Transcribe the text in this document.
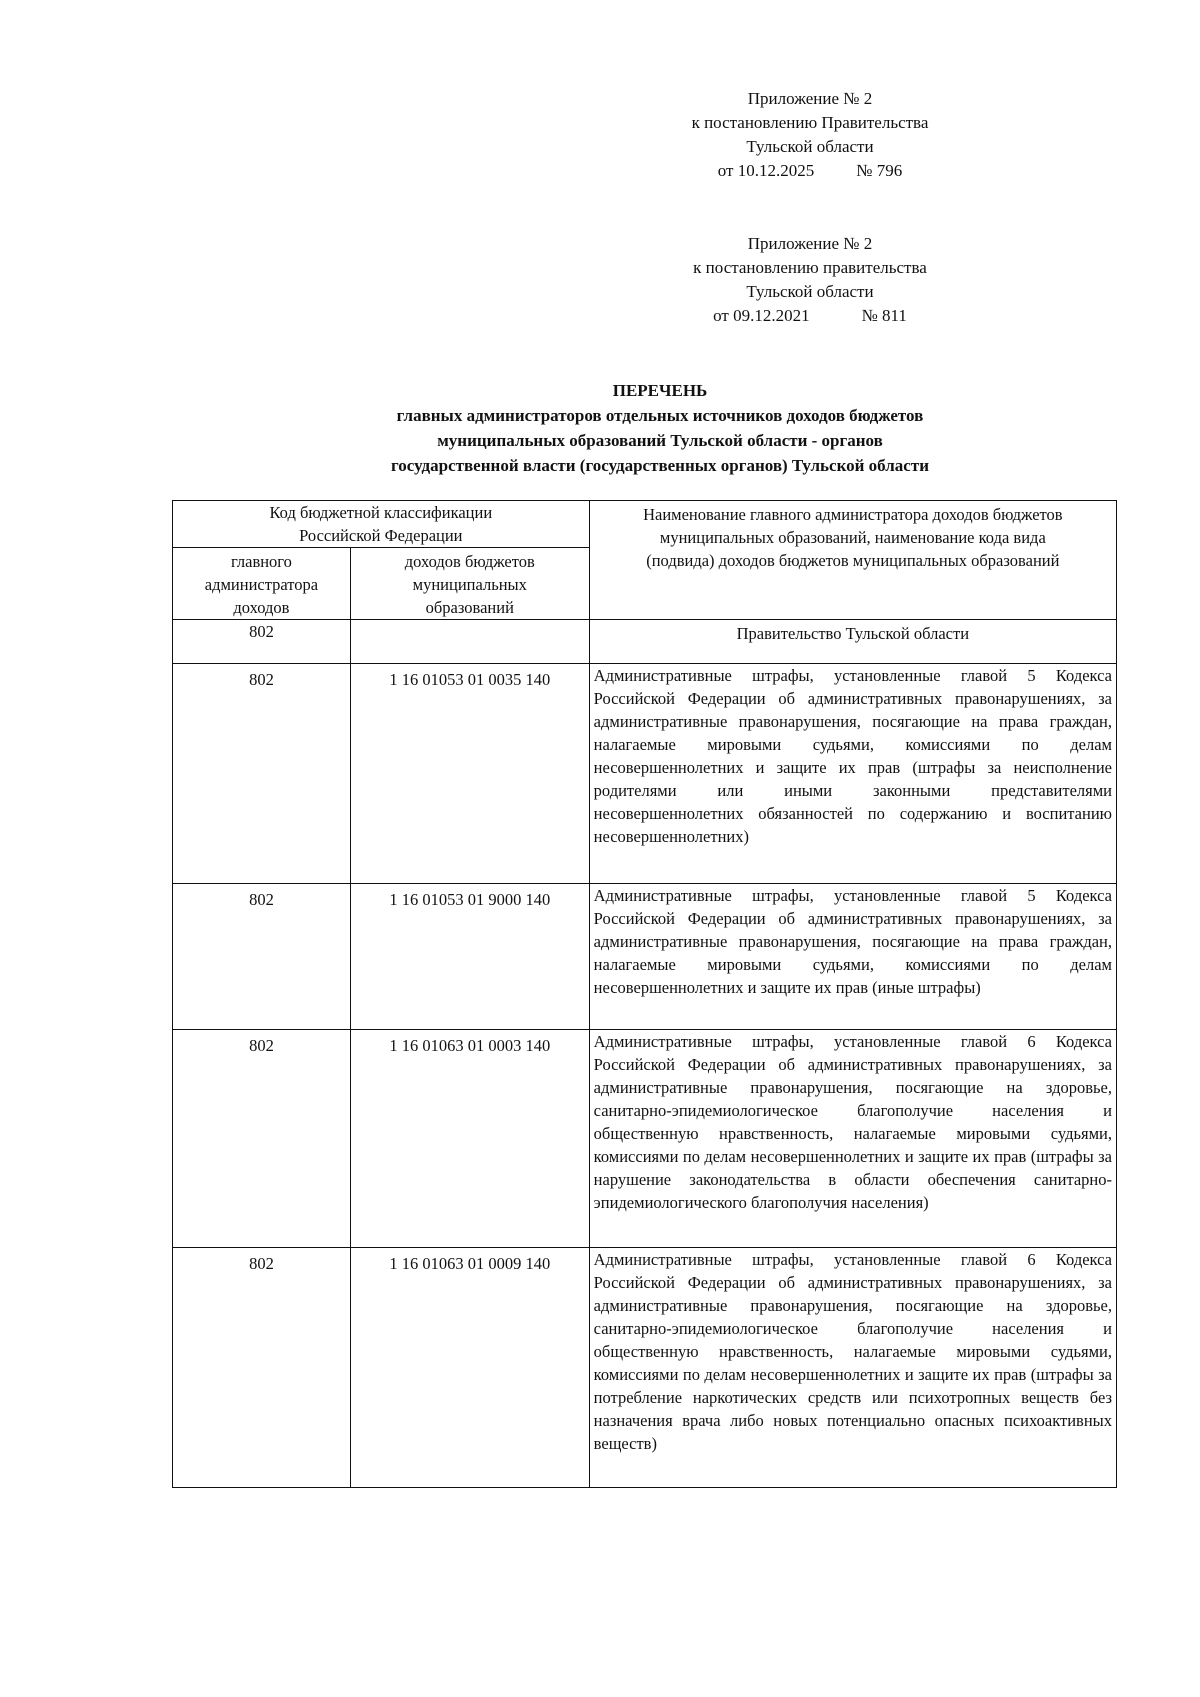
Приложение № 2
к постановлению Правительства
Тульской области
от 10.12.2025 № 796
Приложение № 2
к постановлению правительства
Тульской области
от 09.12.2021	№ 811
ПЕРЕЧЕНЬ
главных администраторов отдельных источников доходов бюджетов
муниципальных образований Тульской области - органов
государственной власти (государственных органов) Тульской области
Код бюджетной классификации
Российской Федерации		Наименование главного администратора доходов бюджетов
муниципальных образований, наименование кода вида
(подвида) доходов бюджетов муниципальных образований

главного
администратора
доходов	доходов бюджетов
муниципальных
образований	

802		Правительство Тульской области
802	1 16 01053 01 0035 140	Административные штрафы, установленные главой 5 Кодекса Российской Федерации об административных правонарушениях, за административные правонарушения, посягающие на права граждан, налагаемые мировыми судьями, комиссиями по делам несовершеннолетних и защите их прав (штрафы за неисполнение родителями или иными законными представителями несовершеннолетних обязанностей по содержанию и воспитанию несовершеннолетних)
802	1 16 01053 01 9000 140	Административные штрафы, установленные главой 5 Кодекса Российской Федерации об административных правонарушениях, за административные правонарушения, посягающие на права граждан, налагаемые мировыми судьями, комиссиями по делам несовершеннолетних и защите их прав (иные штрафы)
802	1 16 01063 01 0003 140	Административные штрафы, установленные главой 6 Кодекса Российской Федерации об административных правонарушениях, за административные правонарушения, посягающие на здоровье, санитарно-эпидемиологическое благополучие населения и общественную нравственность, налагаемые мировыми судьями, комиссиями по делам несовершеннолетних и защите их прав (штрафы за нарушение законодательства в области обеспечения санитарно-эпидемиологического благополучия населения)
802	1 16 01063 01 0009 140	Административные штрафы, установленные главой 6 Кодекса Российской Федерации об административных правонарушениях, за административные правонарушения, посягающие на здоровье, санитарно-эпидемиологическое благополучие населения и общественную нравственность, налагаемые мировыми судьями, комиссиями по делам несовершеннолетних и защите их прав (штрафы за потребление наркотических средств или психотропных веществ без назначения врача либо новых потенциально опасных психоактивных веществ)
